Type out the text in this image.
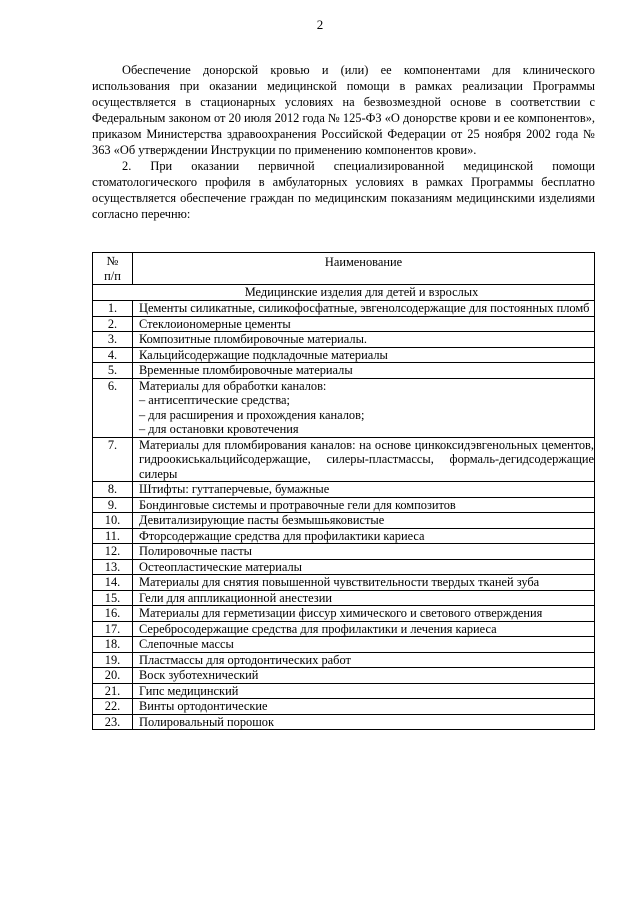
2

Обеспечение донорской кровью и (или) ее компонентами для клинического использования при оказании медицинской помощи в рамках реализации Программы осуществляется в стационарных условиях на безвозмездной основе в соответствии с Федеральным законом от 20 июля 2012 года № 125-ФЗ «О донорстве крови и ее компонентов», приказом Министерства здравоохранения Российской Федерации от 25 ноября 2002 года № 363 «Об утверждении Инструкции по применению компонентов крови».

2. При оказании первичной специализированной медицинской помощи стоматологического профиля в амбулаторных условиях в рамках Программы бесплатно осуществляется обеспечение граждан по медицинским показаниям медицинскими изделиями согласно перечню:

№
п/п	Наименование
Медицинские изделия для детей и взрослых	
1.	Цементы силикатные, силикофосфатные, эвгенолсодержащие для постоянных пломб
2.	Стеклоиономерные цементы
3.	Композитные пломбировочные материалы.
4.	Кальцийсодержащие подкладочные материалы
5.	Временные пломбировочные материалы
6.	Материалы для обработки каналов:
– антисептические средства;
– для расширения и прохождения каналов;
– для остановки кровотечения
7.	Материалы для пломбирования каналов: на основе цинкоксидэвгенольных цементов, гидроокиськальцийсодержащие, силеры-пластмассы, формаль-дегидсодержащие силеры
8.	Штифты: гуттаперчевые, бумажные
9.	Бондинговые системы и протравочные гели для композитов
10.	Девитализирующие пасты безмышьяковистые
11.	Фторсодержащие средства для профилактики кариеса
12.	Полировочные пасты
13.	Остеопластические материалы
14.	Материалы для снятия повышенной чувствительности твердых тканей зуба
15.	Гели для аппликационной анестезии
16.	Материалы для герметизации фиссур химического и светового отверждения
17.	Серебросодержащие средства для профилактики и лечения кариеса
18.	Слепочные массы
19.	Пластмассы для ортодонтических работ
20.	Воск зуботехнический
21.	Гипс медицинский
22.	Винты ортодонтические
23.	Полировальный порошок
